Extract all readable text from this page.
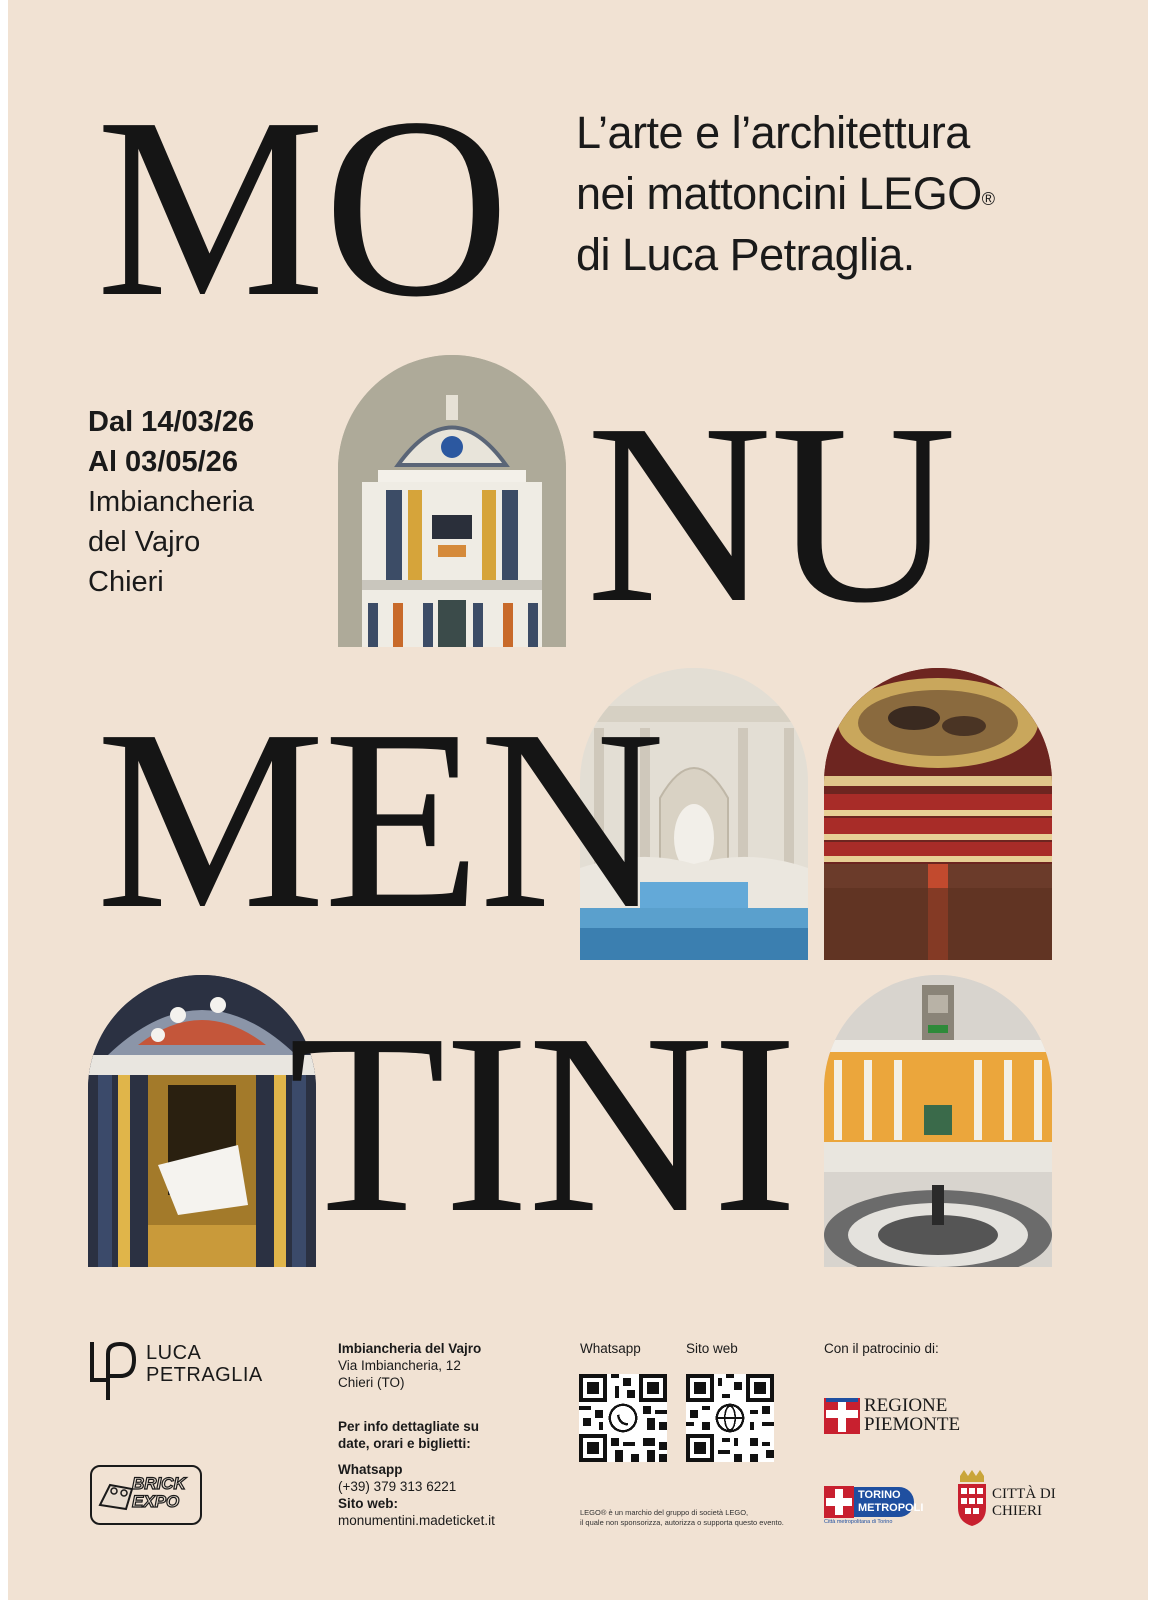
MO L’arte e l’architettura
nei mattoncini LEGO®
di Luca Petraglia.
Dal 14/03/26
Al 03/05/26
Imbiancheria
del Vajro
Chieri	NU
MEN
TINI
LUCA
PETRAGLIA
BRICK
EXPO
Imbiancheria del Vajro
Via Imbiancheria, 12
Chieri (TO)
Per info dettagliate su
date, orari e biglietti:
Whatsapp
(+39) 379 313 6221
Sito web:
monumentini.madeticket.it
Whatsapp	Sito web
LEGO® è un marchio del gruppo di società LEGO,
il quale non sponsorizza, autorizza o supporta questo evento.
Con il patrocinio di:
REGIONE
PIEMONTE
TORINO
METROPOLI
Città metropolitana di Torino
CITTÀ DI
CHIERI
